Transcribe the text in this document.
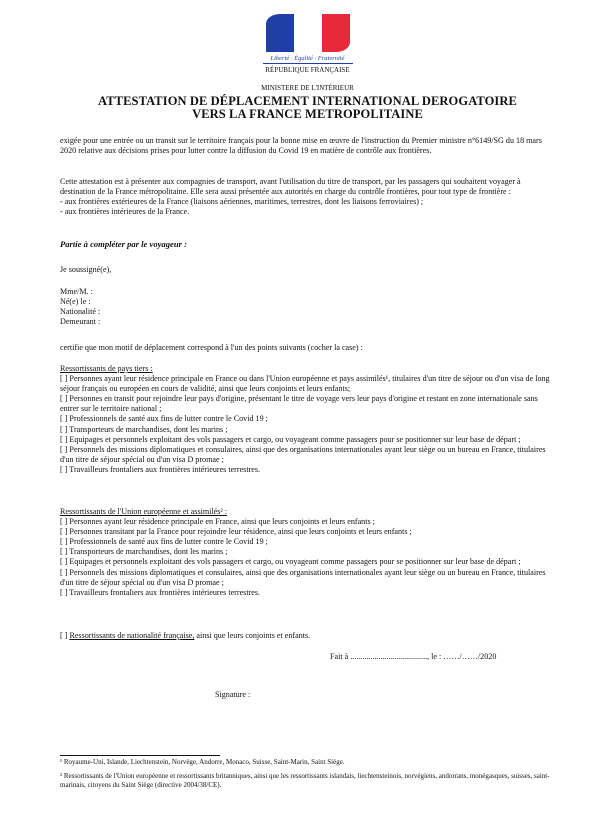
Liberté · Égalité · Fraternité
RÉPUBLIQUE FRANÇAISE
MINISTERE DE L'INTÉRIEUR
ATTESTATION DE DÉPLACEMENT INTERNATIONAL DEROGATOIRE
VERS LA FRANCE METROPOLITAINE
exigée pour une entrée ou un transit sur le territoire français pour la bonne mise en œuvre de l'instruction du Premier ministre n°6149/SG du 18 mars 2020 relative aux décisions prises pour lutter contre la diffusion du Covid 19 en matière de contrôle aux frontières.

Cette attestation est à présenter aux compagnies de transport, avant l'utilisation du titre de transport, par les passagers qui souhaitent voyager à destination de la France métropolitaine. Elle sera aussi présentée aux autorités en charge du contrôle frontières, pour tout type de frontière :

- aux frontières extérieures de la France (liaisons aériennes, maritimes, terrestres, dont les liaisons ferroviaires) ;

- aux frontières intérieures de la France.

Partie à compléter par le voyageur :
Je soussigné(e),

Mme/M. :

Né(e) le :

Nationalité :

Demeurant :

certifie que mon motif de déplacement correspond à l'un des points suivants (cocher la case) :

Ressortissants de pays tiers :

[ ] Personnes ayant leur résidence principale en France ou dans l'Union européenne et pays assimilés¹, titulaires d'un titre de séjour ou d'un visa de long séjour français ou européen en cours de validité, ainsi que leurs conjoints et leurs enfants;

[ ] Personnes en transit pour rejoindre leur pays d'origine, présentant le titre de voyage vers leur pays d'origine et restant en zone internationale sans entrer sur le territoire national ;

[ ] Professionnels de santé aux fins de lutter contre le Covid 19 ;

[ ] Transporteurs de marchandises, dont les marins ;

[ ] Equipages et personnels exploitant des vols passagers et cargo, ou voyageant comme passagers pour se positionner sur leur base de départ ;

[ ] Personnels des missions diplomatiques et consulaires, ainsi que des organisations internationales ayant leur siège ou un bureau en France, titulaires d'un titre de séjour spécial ou d'un visa D promae ;

[ ] Travailleurs frontaliers aux frontières intérieures terrestres.

Ressortissants de l'Union européenne et assimilés² :

[ ] Personnes ayant leur résidence principale en France, ainsi que leurs conjoints et leurs enfants ;

[ ] Personnes transitant par la France pour rejoindre leur résidence, ainsi que leurs conjoints et leurs enfants ;

[ ] Professionnels de santé aux fins de lutter contre le Covid 19 ;

[ ] Transporteurs de marchandises, dont les marins ;

[ ] Equipages et personnels exploitant des vols passagers et cargo, ou voyageant comme passagers pour se positionner sur leur base de départ ;

[ ] Personnels des missions diplomatiques et consulaires, ainsi que des organisations internationales ayant leur siège ou un bureau en France, titulaires d'un titre de séjour spécial ou d'un visa D promae ;

[ ] Travailleurs frontaliers aux frontières intérieures terrestres.

[ ] Ressortissants de nationalité française, ainsi que leurs conjoints et enfants.
Fait à ......................................, le : ……/……/2020
Signature :

¹ Royaume-Uni, Islande, Liechtenstein, Norvège, Andorre, Monaco, Suisse, Saint-Marin, Saint Siège.

² Ressortissants de l'Union européenne et ressortissants britanniques, ainsi que les ressortissants islandais, liechtensteinois, norvégiens, andorrans, monégasques, suisses, saint-marinais, citoyens du Saint Siège (directive 2004/38/CE).
